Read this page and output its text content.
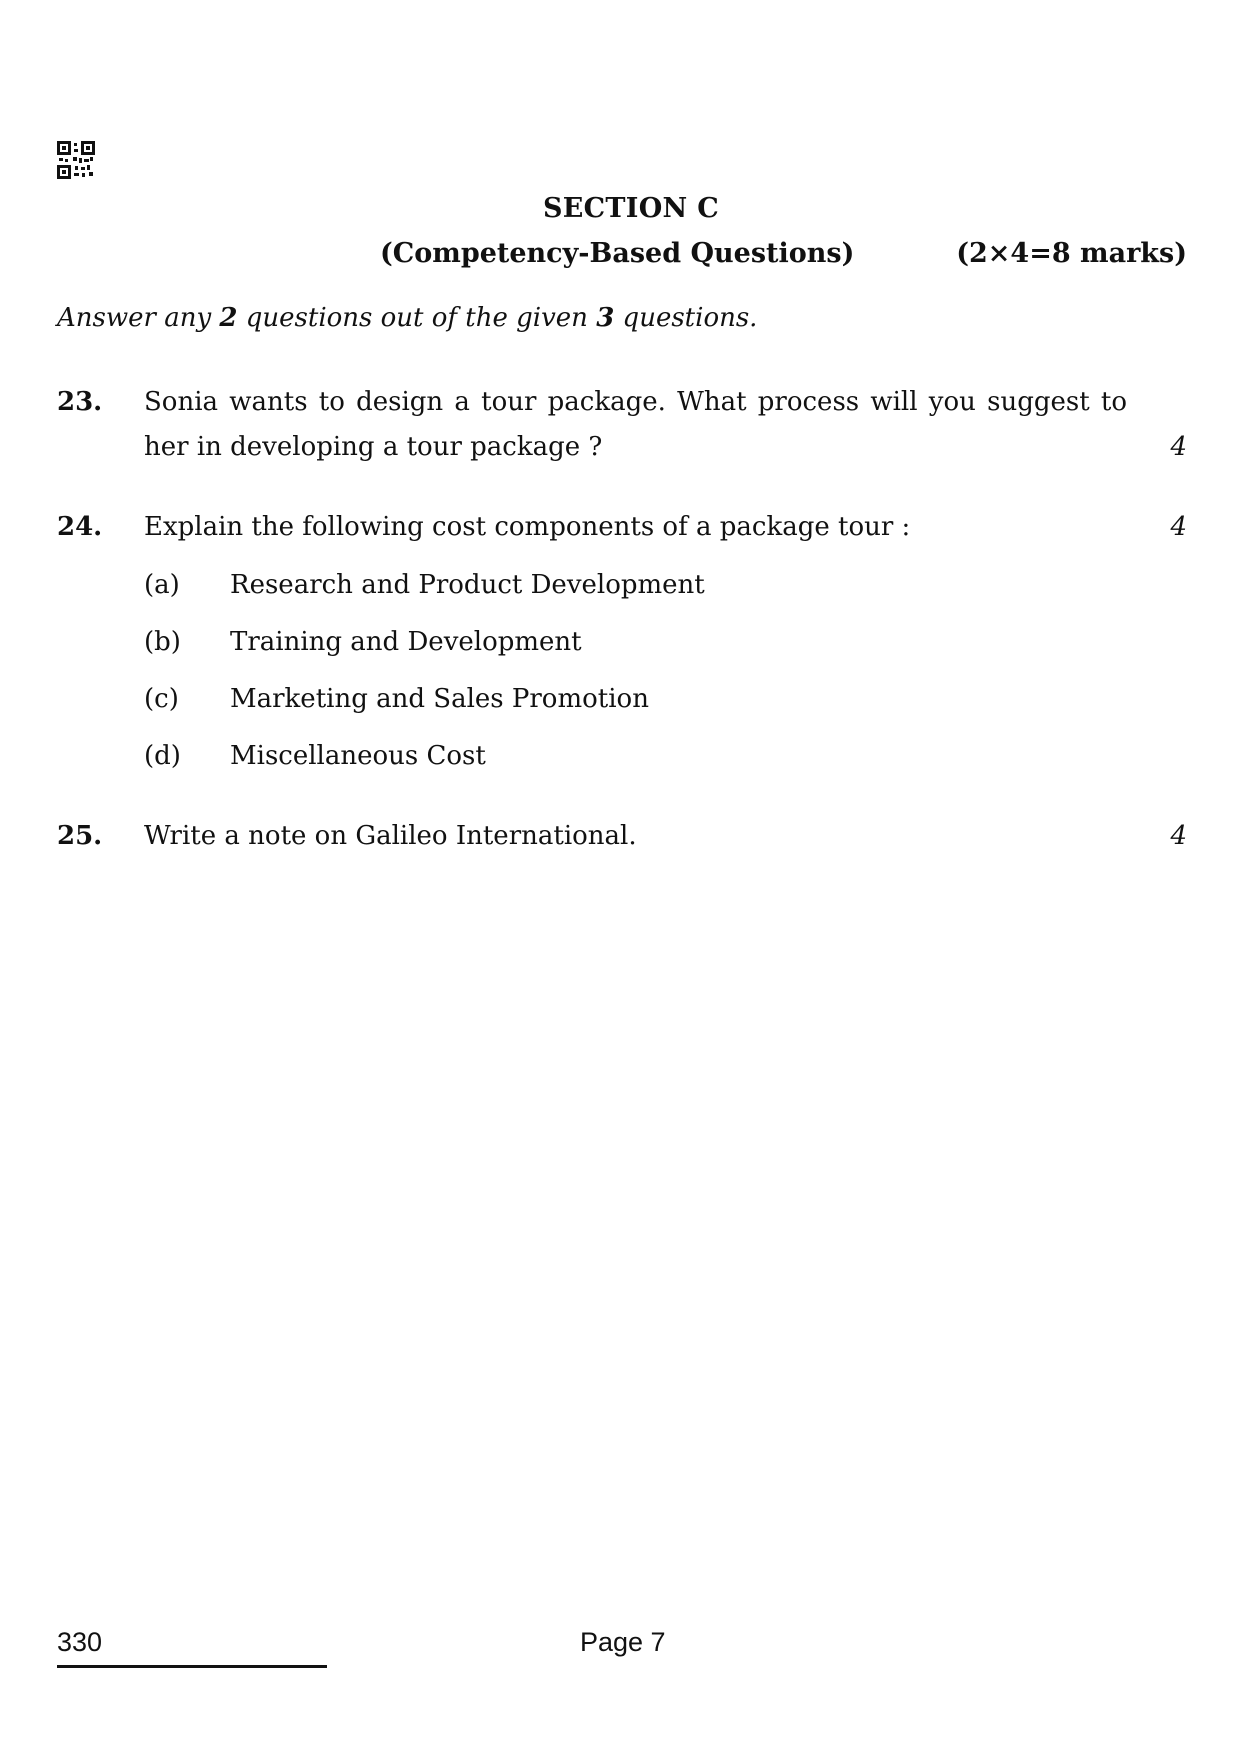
SECTION C
(Competency-Based Questions)	(2×4=8 marks)
Answer any 2 questions out of the given 3 questions.
23. Sonia wants to design a tour package. What process will you suggest to her in developing a tour package ?	4
24. Explain the following cost components of a package tour :	4
(a) Research and Product Development
(b) Training and Development
(c) Marketing and Sales Promotion
(d) Miscellaneous Cost
25. Write a note on Galileo International.	4
330	Page 7
